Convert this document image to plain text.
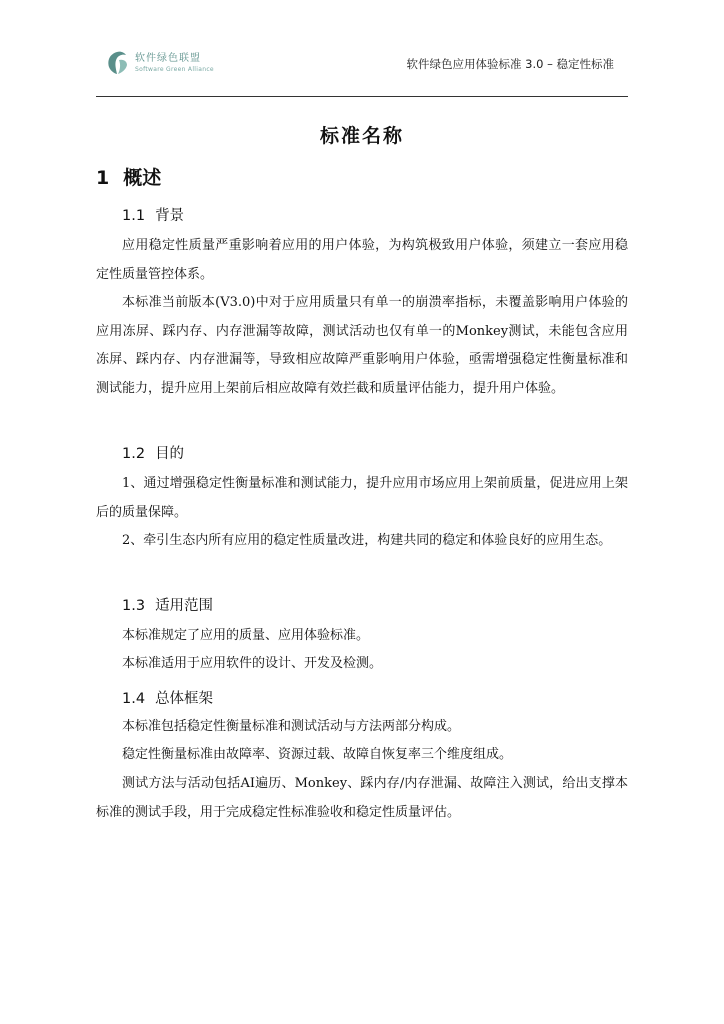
软件绿色联盟
Software Green Alliance	软件绿色应用体验标准 3.0 – 稳定性标准
标准名称
1 概述
1.1 背景

应用稳定性质量严重影响着应用的用户体验，为构筑极致用户体验，须建立一套应用稳定性质量管控体系。

本标准当前版本(V3.0)中对于应用质量只有单一的崩溃率指标，未覆盖影响用户体验的应用冻屏、踩内存、内存泄漏等故障，测试活动也仅有单一的Monkey测试，未能包含应用冻屏、踩内存、内存泄漏等，导致相应故障严重影响用户体验，亟需增强稳定性衡量标准和测试能力，提升应用上架前后相应故障有效拦截和质量评估能力，提升用户体验。

1.2 目的

1、通过增强稳定性衡量标准和测试能力，提升应用市场应用上架前质量，促进应用上架后的质量保障。

2、牵引生态内所有应用的稳定性质量改进，构建共同的稳定和体验良好的应用生态。

1.3 适用范围

本标准规定了应用的质量、应用体验标准。

本标准适用于应用软件的设计、开发及检测。

1.4 总体框架

本标准包括稳定性衡量标准和测试活动与方法两部分构成。

稳定性衡量标准由故障率、资源过载、故障自恢复率三个维度组成。

测试方法与活动包括AI遍历、Monkey、踩内存/内存泄漏、故障注入测试，给出支撑本标准的测试手段，用于完成稳定性标准验收和稳定性质量评估。
